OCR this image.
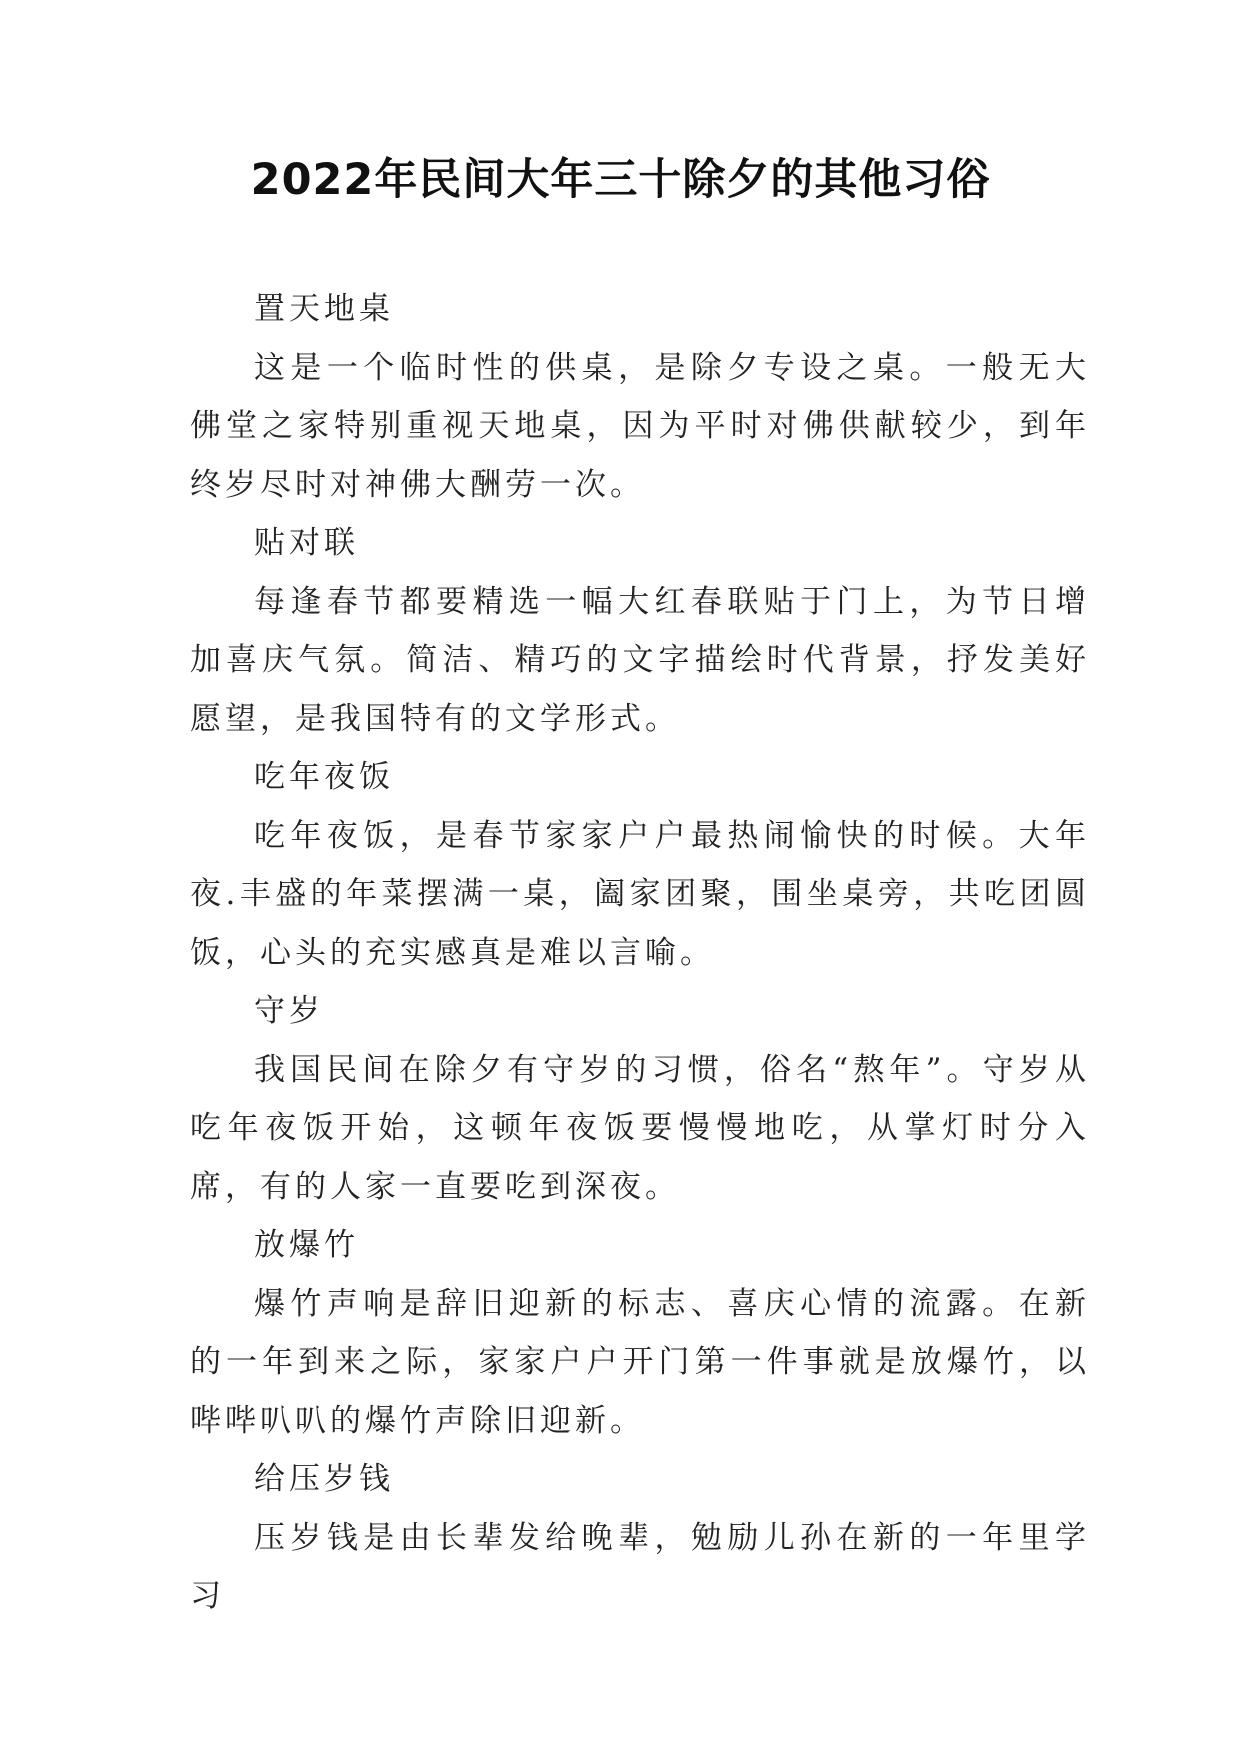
2022年民间大年三十除夕的其他习俗

置天地桌

这是一个临时性的供桌，是除夕专设之桌。一般无大佛堂之家特别重视天地桌，因为平时对佛供献较少，到年终岁尽时对神佛大酬劳一次。

贴对联

每逢春节都要精选一幅大红春联贴于门上，为节日增加喜庆气氛。简洁、精巧的文字描绘时代背景，抒发美好愿望，是我国特有的文学形式。

吃年夜饭

吃年夜饭，是春节家家户户最热闹愉快的时候。大年夜.丰盛的年菜摆满一桌，阖家团聚，围坐桌旁，共吃团圆饭，心头的充实感真是难以言喻。

守岁

我国民间在除夕有守岁的习惯，俗名“熬年”。守岁从吃年夜饭开始，这顿年夜饭要慢慢地吃，从掌灯时分入席，有的人家一直要吃到深夜。

放爆竹

爆竹声响是辞旧迎新的标志、喜庆心情的流露。在新的一年到来之际，家家户户开门第一件事就是放爆竹，以哔哔叭叭的爆竹声除旧迎新。

给压岁钱

压岁钱是由长辈发给晚辈，勉励儿孙在新的一年里学习
